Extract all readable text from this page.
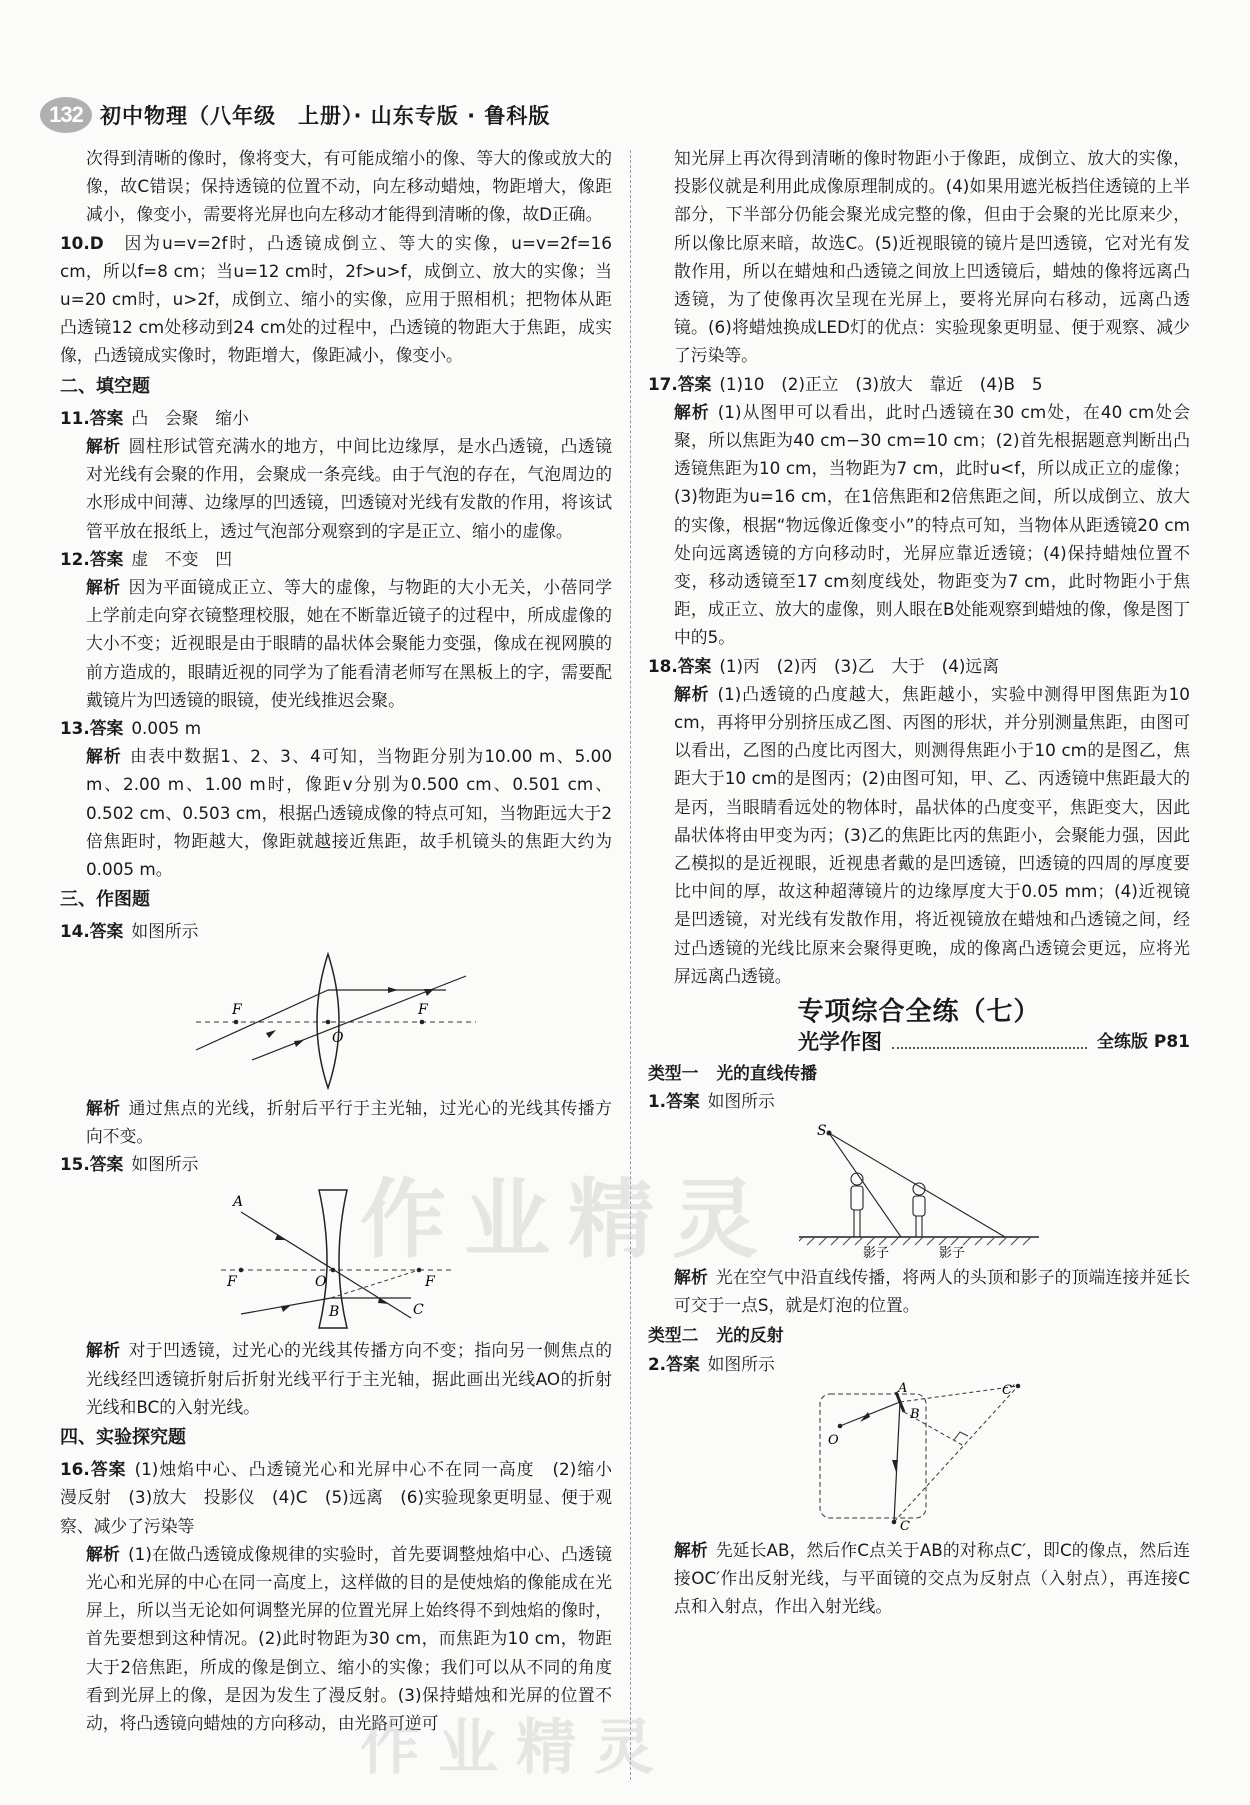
132 初中物理（八年级　上册）· 山东专版 · 鲁科版

次得到清晰的像时，像将变大，有可能成缩小的像、等大的像或放大的像，故C错误；保持透镜的位置不动，向左移动蜡烛，物距增大，像距减小，像变小，需要将光屏也向左移动才能得到清晰的像，故D正确。

10.D　 因为u=v=2f时，凸透镜成倒立、等大的实像，u=v=2f=16 cm，所以f=8 cm；当u=12 cm时，2f>u>f，成倒立、放大的实像；当u=20 cm时，u>2f，成倒立、缩小的实像，应用于照相机；把物体从距凸透镜12 cm处移动到24 cm处的过程中，凸透镜的物距大于焦距，成实像，凸透镜成实像时，物距增大，像距减小，像变小。

二、填空题

11.答案 凸　会聚　缩小

解析 圆柱形试管充满水的地方，中间比边缘厚，是水凸透镜，凸透镜对光线有会聚的作用，会聚成一条亮线。由于气泡的存在，气泡周边的水形成中间薄、边缘厚的凹透镜，凹透镜对光线有发散的作用，将该试管平放在报纸上，透过气泡部分观察到的字是正立、缩小的虚像。

12.答案 虚　不变　凹

解析 因为平面镜成正立、等大的虚像，与物距的大小无关，小蓓同学上学前走向穿衣镜整理校服，她在不断靠近镜子的过程中，所成虚像的大小不变；近视眼是由于眼睛的晶状体会聚能力变强，像成在视网膜的前方造成的，眼睛近视的同学为了能看清老师写在黑板上的字，需要配戴镜片为凹透镜的眼镜，使光线推迟会聚。

13.答案 0.005 m

解析 由表中数据1、2、3、4可知，当物距分别为10.00 m、5.00 m、2.00 m、1.00 m时，像距v分别为0.500 cm、0.501 cm、0.502 cm、0.503 cm，根据凸透镜成像的特点可知，当物距远大于2倍焦距时，物距越大，像距就越接近焦距，故手机镜头的焦距大约为0.005 m。

三、作图题

14.答案 如图所示

F	F
O

解析 通过焦点的光线，折射后平行于主光轴，过光心的光线其传播方向不变。

15.答案 如图所示

A
F	O	F
B	C

解析 对于凹透镜，过光心的光线其传播方向不变；指向另一侧焦点的光线经凹透镜折射后折射光线平行于主光轴，据此画出光线AO的折射光线和BC的入射光线。

四、实验探究题

16.答案 (1)烛焰中心、凸透镜光心和光屏中心不在同一高度　(2)缩小　漫反射　(3)放大　投影仪　(4)C　(5)远离　(6)实验现象更明显、便于观察、减少了污染等

解析 (1)在做凸透镜成像规律的实验时，首先要调整烛焰中心、凸透镜光心和光屏的中心在同一高度上，这样做的目的是使烛焰的像能成在光屏上，所以当无论如何调整光屏的位置光屏上始终得不到烛焰的像时，首先要想到这种情况。(2)此时物距为30 cm，而焦距为10 cm，物距大于2倍焦距，所成的像是倒立、缩小的实像；我们可以从不同的角度看到光屏上的像，是因为发生了漫反射。(3)保持蜡烛和光屏的位置不动，将凸透镜向蜡烛的方向移动，由光路可逆可

知光屏上再次得到清晰的像时物距小于像距，成倒立、放大的实像，投影仪就是利用此成像原理制成的。(4)如果用遮光板挡住透镜的上半部分，下半部分仍能会聚光成完整的像，但由于会聚的光比原来少，所以像比原来暗，故选C。(5)近视眼镜的镜片是凹透镜，它对光有发散作用，所以在蜡烛和凸透镜之间放上凹透镜后，蜡烛的像将远离凸透镜，为了使像再次呈现在光屏上，要将光屏向右移动，远离凸透镜。(6)将蜡烛换成LED灯的优点：实验现象更明显、便于观察、减少了污染等。

17.答案 (1)10　(2)正立　(3)放大　靠近　(4)B　5

解析 (1)从图甲可以看出，此时凸透镜在30 cm处，在40 cm处会聚，所以焦距为40 cm−30 cm=10 cm；(2)首先根据题意判断出凸透镜焦距为10 cm，当物距为7 cm，此时u<f，所以成正立的虚像；(3)物距为u=16 cm，在1倍焦距和2倍焦距之间，所以成倒立、放大的实像，根据“物远像近像变小”的特点可知，当物体从距透镜20 cm处向远离透镜的方向移动时，光屏应靠近透镜；(4)保持蜡烛位置不变，移动透镜至17 cm刻度线处，物距变为7 cm，此时物距小于焦距，成正立、放大的虚像，则人眼在B处能观察到蜡烛的像，像是图丁中的5。

18.答案 (1)丙　(2)丙　(3)乙　大于　(4)远离

解析 (1)凸透镜的凸度越大，焦距越小，实验中测得甲图焦距为10 cm，再将甲分别挤压成乙图、丙图的形状，并分别测量焦距，由图可以看出，乙图的凸度比丙图大，则测得焦距小于10 cm的是图乙，焦距大于10 cm的是图丙；(2)由图可知，甲、乙、丙透镜中焦距最大的是丙，当眼睛看远处的物体时，晶状体的凸度变平，焦距变大，因此晶状体将由甲变为丙；(3)乙的焦距比丙的焦距小，会聚能力强，因此乙模拟的是近视眼，近视患者戴的是凹透镜，凹透镜的四周的厚度要比中间的厚，故这种超薄镜片的边缘厚度大于0.05 mm；(4)近视镜是凹透镜，对光线有发散作用，将近视镜放在蜡烛和凸透镜之间，经过凸透镜的光线比原来会聚得更晚，成的像离凸透镜会更远，应将光屏远离凸透镜。

专项综合全练（七）
光学作图	全练版 P81
类型一 光的直线传播

1.答案 如图所示

S
影子	影子

解析 光在空气中沿直线传播，将两人的头顶和影子的顶端连接并延长可交于一点S，就是灯泡的位置。

类型二 光的反射

2.答案 如图所示

A
B
C′
O
C

解析 先延长AB，然后作C点关于AB的对称点C′，即C的像点，然后连接OC′作出反射光线，与平面镜的交点为反射点（入射点），再连接C点和入射点，作出入射光线。

作业精灵
作业精灵
